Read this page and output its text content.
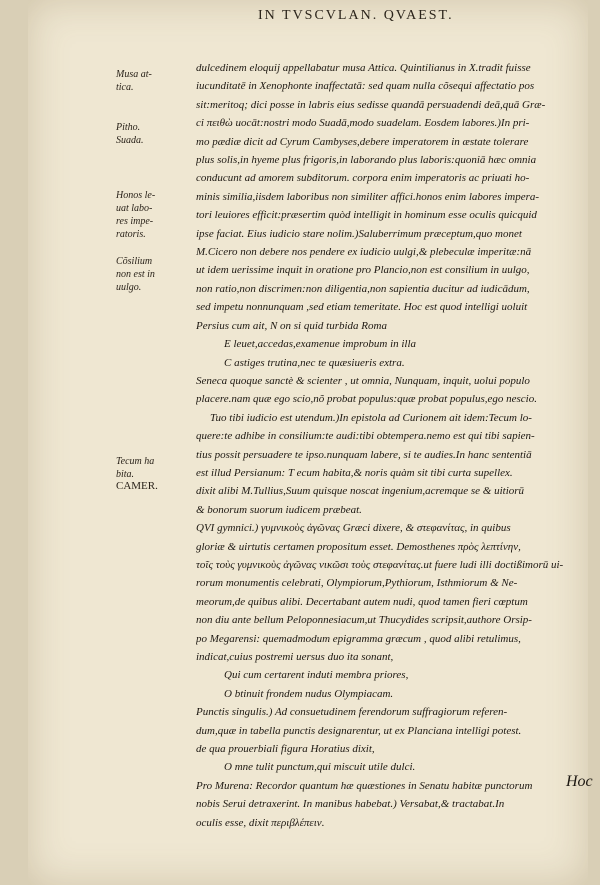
IN TVSCVLAN. QVAEST.
Musa at-
tica.
Pitho.
Suada.
Honos le-
uat labo-
res impe-
ratoris.
Cõsilium
non est in
uulgo.
Tecum ha
bita.
CAMER.
dulcedinem eloquij appellabatur musa Attica. Quintilianus in X.tradit fuisse
iucunditatē in Xenophonte inaffectatā: sed quam nulla cõsequi affectatio pos
sit:meritoq; dici posse in labris eius sedisse quandā persuadendi deā,quā Græ-
ci πειθὼ uocāt:nostri modo Suadā,modo suadelam. Eosdem labores.)In pri-
mo pædiæ dicit ad Cyrum Cambyses,debere imperatorem in æstate tolerare
plus solis,in hyeme plus frigoris,in laborando plus laboris:quoniā hæc omnia
conducunt ad amorem subditorum. corpora enim imperatoris ac priuati ho-
minis similia,iisdem laboribus non similiter affici.honos enim labores impera-
tori leuiores efficit:præsertim quòd intelligit in hominum esse oculis quicquid
ipse faciat. Eius iudicio stare nolim.)Saluberrimum præceptum,quo monet
M.Cicero non debere nos pendere ex iudicio uulgi,& plebeculæ imperitæ:nā
ut idem uerissime inquit in oratione pro Plancio,non est consilium in uulgo,
non ratio,non discrimen:non diligentia,non sapientia ducitur ad iudicādum,
sed impetu nonnunquam ,sed etiam temeritate. Hoc est quod intelligi uoluit
Persius cum ait, N on si quid turbida Roma
E leuet,accedas,examenue improbum in illa
C astiges trutina,nec te quæsiueris extra.
Seneca quoque sanctè & scienter , ut omnia, Nunquam, inquit, uolui populo
placere.nam quæ ego scio,nõ probat populus:quæ probat populus,ego nescio.
Tuo tibi iudicio est utendum.)In epistola ad Curionem ait idem:Tecum lo-
quere:te adhibe in consilium:te audi:tibi obtempera.nemo est qui tibi sapien-
tius possit persuadere te ipso.nunquam labere, si te audies.In hanc sententiā
est illud Persianum: T ecum habita,& noris quàm sit tibi curta supellex.
dixit alibi M.Tullius,Suum quisque noscat ingenium,acremque se & uitiorū
& bonorum suorum iudicem præbeat.
QVI gymnici.) γυμνικοὺς ἀγῶνας Græci dixere, & στεφανίτας, in quibus
gloriæ & uirtutis certamen propositum esset. Demosthenes πρὸς λεπτίνην,
τοῖς τοὺς γυμνικοὺς ἀγῶνας νικῶσι τοὺς στεφανίτας.ut fuere ludi illi doctißimorū ui-
rorum monumentis celebrati, Olympiorum,Pythiorum, Isthmiorum & Ne-
meorum,de quibus alibi. Decertabant autem nudi, quod tamen fieri cœptum
non diu ante bellum Peloponnesiacum,ut Thucydides scripsit,authore Orsip-
po Megarensi: quemadmodum epigramma græcum , quod alibi retulimus,
indicat,cuius postremi uersus duo ita sonant,
Qui cum certarent induti membra priores,
O btinuit frondem nudus Olympiacam.
Punctis singulis.) Ad consuetudinem ferendorum suffragiorum referen-
dum,quæ in tabella punctis designarentur, ut ex Planciana intelligi potest.
de qua prouerbiali figura Horatius dixit,
O mne tulit punctum,qui miscuit utile dulci.
Pro Murena: Recordor quantum hæ quæstiones in Senatu habitæ punctorum
nobis Serui detraxerint. In manibus habebat.) Versabat,& tractabat.In
oculis esse, dixit περιβλέπειν.
Hoc
